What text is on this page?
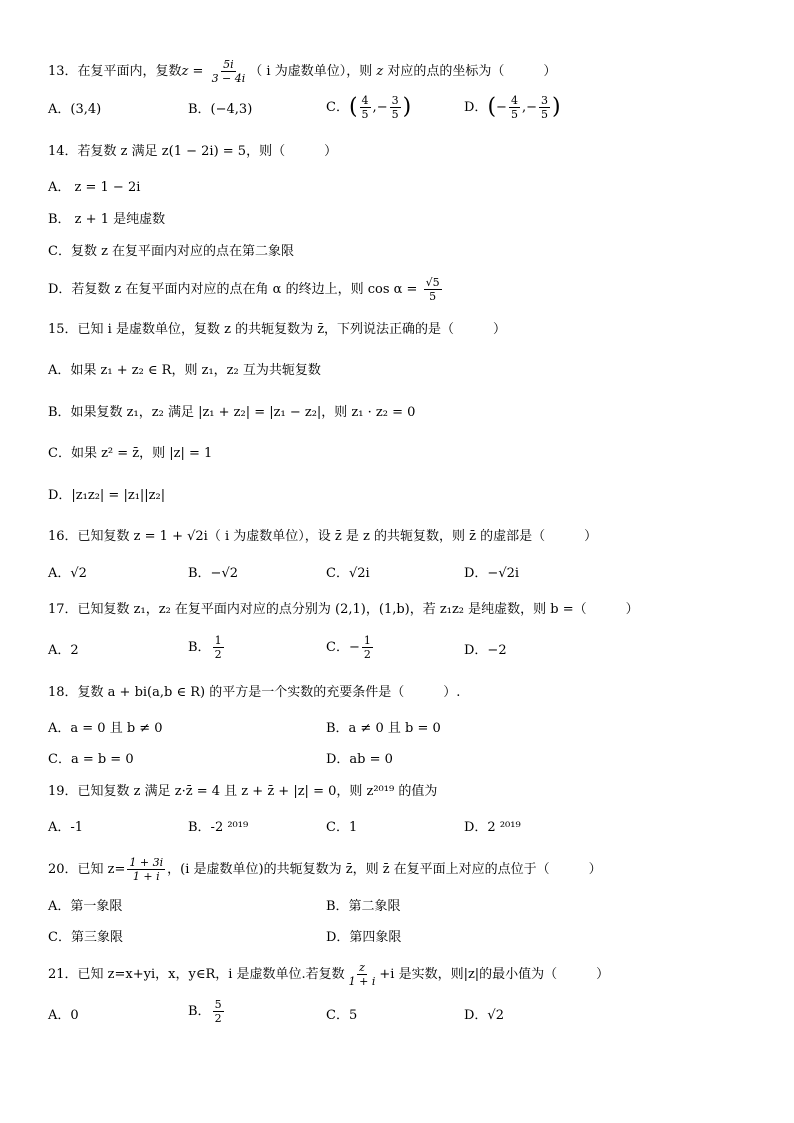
13．在复平面内，复数$z = \frac{5i}{3 - 4i}$ （ i 为虚数单位），则 z 对应的点的坐标为（　　　）
A．(3,4)	B．(−4,3)	C．( $\frac{4}{5}$ ,− $\frac{3}{5}$ )	D．(− $\frac{4}{5}$ ,− $\frac{3}{5}$ )
14．若复数 z 满足 z(1 − 2i) = 5，则（　　　）
A． z = 1 − 2i
B． z + 1 是纯虚数
C．复数 z 在复平面内对应的点在第二象限
D．若复数 z 在复平面内对应的点在角 α 的终边上，则 $\cos \alpha = \frac{√5}{5}$
15．已知 i 是虚数单位，复数 z 的共轭复数为 z̄，下列说法正确的是（　　　）
A．如果 z₁ + z₂ ∈ R，则 z₁，z₂ 互为共轭复数
B．如果复数 z₁，z₂ 满足 |z₁ + z₂| = |z₁ − z₂|，则 z₁ · z₂ = 0
C．如果 z² = z̄，则 |z| = 1
D．|z₁z₂| = |z₁||z₂|
16．已知复数 z = 1 + √2i（ i 为虚数单位），设 z̄ 是 z 的共轭复数，则 z̄ 的虚部是（　　　）
A．√2	B．−√2	C．√2i	D．−√2i
17．已知复数 z₁，z₂ 在复平面内对应的点分别为 (2,1)，(1,b)，若 z₁z₂ 是纯虚数，则 b =（　　　）
A．2	B． $\frac{1}{2}$	C．− $\frac{1}{2}$	D．−2
18．复数 a + bi(a,b ∈ R) 的平方是一个实数的充要条件是（　　　）.
A．a = 0 且 b ≠ 0	B．a ≠ 0 且 b = 0
C．a = b = 0	D．ab = 0
19．已知复数 z 满足 z·z̄ = 4 且 z + z̄ + |z| = 0，则 z²⁰¹⁹ 的值为
A．-1	B．-2 ²⁰¹⁹	C．1	D．2 ²⁰¹⁹
20．已知 $z= \frac{1 + 3i}{1 + i}$ ，(i 是虚数单位)的共轭复数为 z̄，则 z̄ 在复平面上对应的点位于（　　　）
A．第一象限	B．第二象限
C．第三象限	D．第四象限
21．已知 z=x+yi，x，y∈R，i 是虚数单位.若复数 $\frac{z}{1 + i} +i$ 是实数，则|z|的最小值为（　　　）
A．0	B． $\frac{5}{2}$	C．5	D．√2
